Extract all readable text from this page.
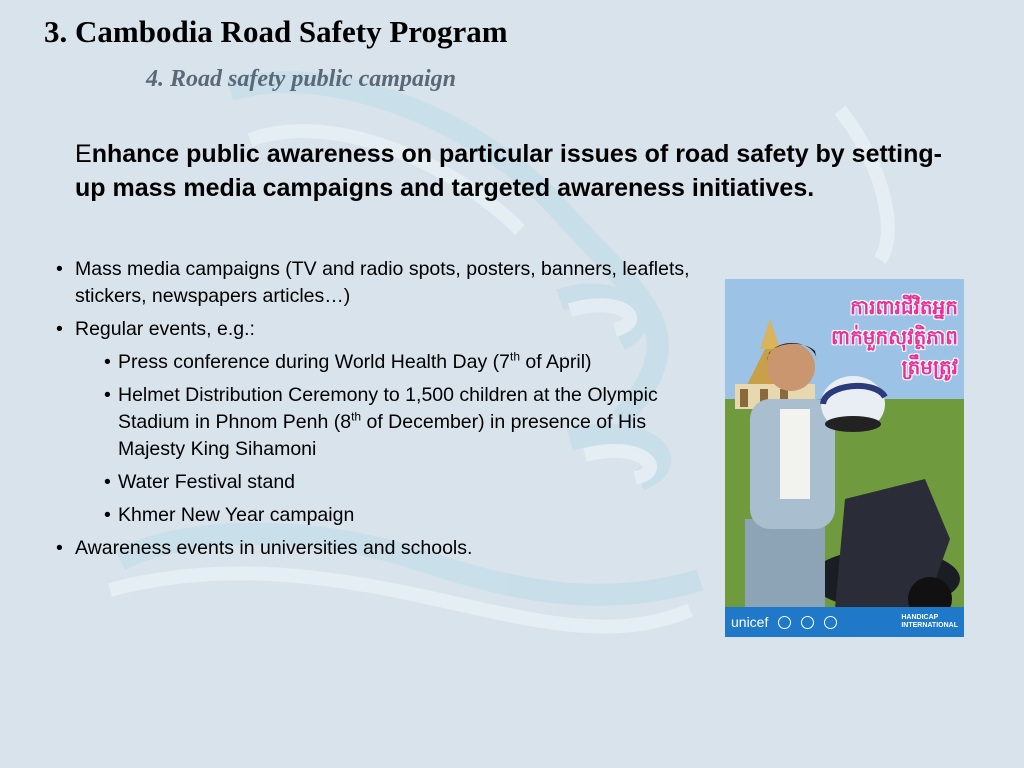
3. Cambodia Road Safety Program
4. Road safety public campaign

Enhance public awareness on particular issues of road safety by setting-up mass media campaigns and targeted awareness initiatives.

• Mass media campaigns (TV and radio spots, posters, banners, leaflets, stickers, newspapers articles…)
• Regular events, e.g.:
• Press conference during World Health Day (7th of April)
• Helmet Distribution Ceremony to 1,500 children at the Olympic Stadium in Phnom Penh (8th of December) in presence of His Majesty King Sihamoni
• Water Festival stand
• Khmer New Year campaign
• Awareness events in universities and schools.
ការពារជីវិតអ្នក
ពាក់មួកសុវត្ថិភាព
ត្រឹមត្រូវ
unicef	HANDICAP
INTERNATIONAL
